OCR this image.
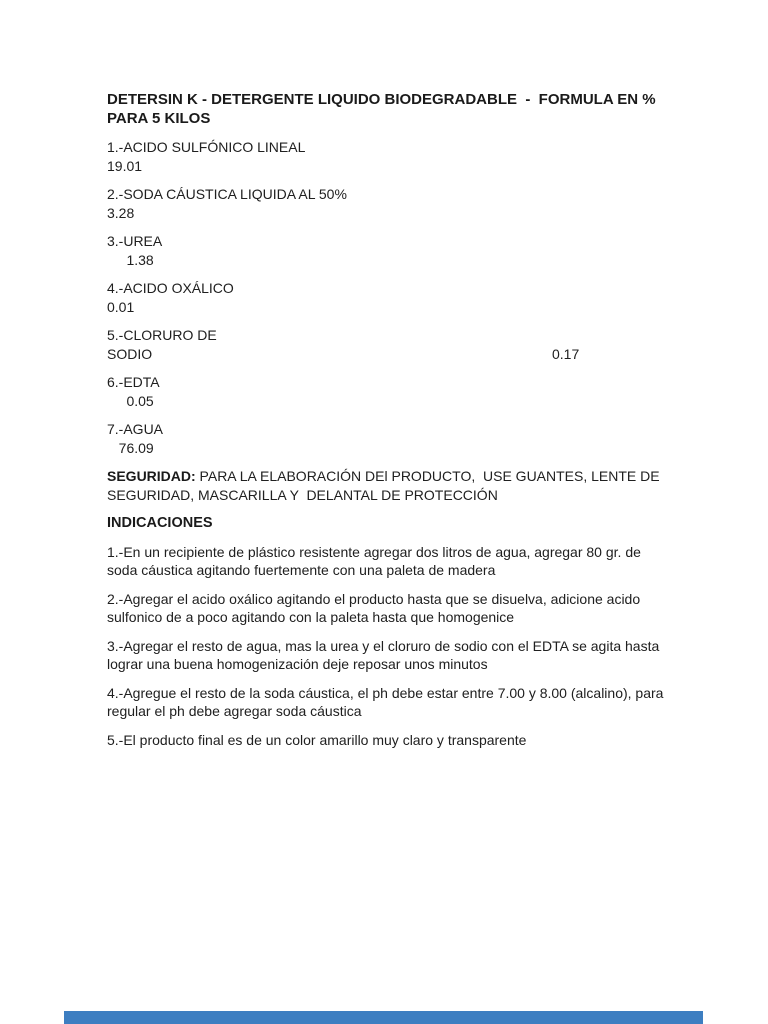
DETERSIN K - DETERGENTE LIQUIDO BIODEGRADABLE  -  FORMULA EN % PARA 5 KILOS
1.-ACIDO SULFÓNICO LINEAL
19.01
2.-SODA CÁUSTICA LIQUIDA AL 50%
3.28
3.-UREA
1.38
4.-ACIDO OXÁLICO
0.01
5.-CLORURO DE
SODIO	0.17
6.-EDTA
0.05
7.-AGUA
76.09

SEGURIDAD: PARA LA ELABORACIÓN DEl PRODUCTO,  USE GUANTES, LENTE DE SEGURIDAD, MASCARILLA Y  DELANTAL DE PROTECCIÓN

INDICACIONES

1.-En un recipiente de plástico resistente agregar dos litros de agua, agregar 80 gr. de soda cáustica agitando fuertemente con una paleta de madera

2.-Agregar el acido oxálico agitando el producto hasta que se disuelva, adicione acido sulfonico de a poco agitando con la paleta hasta que homogenice

3.-Agregar el resto de agua, mas la urea y el cloruro de sodio con el EDTA se agita hasta lograr una buena homogenización deje reposar unos minutos

4.-Agregue el resto de la soda cáustica, el ph debe estar entre 7.00 y 8.00 (alcalino), para regular el ph debe agregar soda cáustica

5.-El producto final es de un color amarillo muy claro y transparente
